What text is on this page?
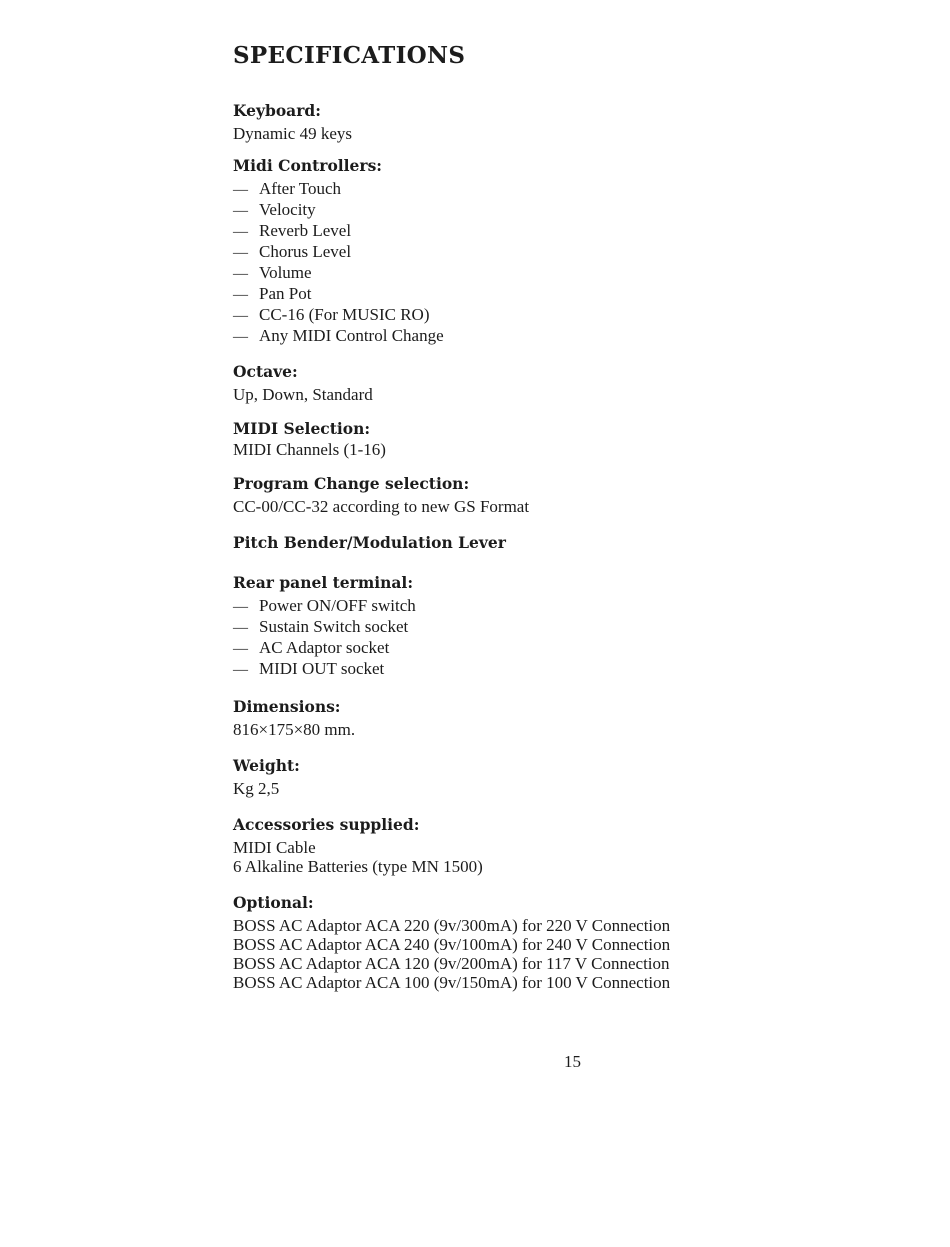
SPECIFICATIONS
Keyboard:

Dynamic 49 keys

Midi Controllers:
— After Touch
— Velocity
— Reverb Level
— Chorus Level
— Volume
— Pan Pot
— CC-16 (For MUSIC RO)
— Any MIDI Control Change
Octave:

Up, Down, Standard

MIDI Selection:

MIDI Channels (1-16)

Program Change selection:

CC-00/CC-32 according to new GS Format

Pitch Bender/Modulation Lever
Rear panel terminal:
— Power ON/OFF switch
— Sustain Switch socket
— AC Adaptor socket
— MIDI OUT socket
Dimensions:

816×175×80 mm.

Weight:

Kg 2,5

Accessories supplied:

MIDI Cable

6 Alkaline Batteries (type MN 1500)

Optional:

BOSS AC Adaptor ACA 220 (9v/300mA) for 220 V Connection

BOSS AC Adaptor ACA 240 (9v/100mA) for 240 V Connection

BOSS AC Adaptor ACA 120 (9v/200mA) for 117 V Connection

BOSS AC Adaptor ACA 100 (9v/150mA) for 100 V Connection

15
